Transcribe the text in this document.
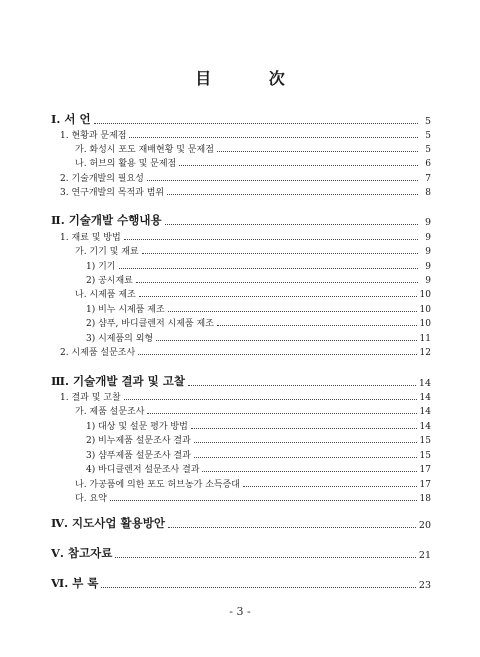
目 次
Ⅰ. 서 언	5
1. 현황과 문제점	5
가. 화성시 포도 재배현황 및 문제점	5
나. 허브의 활용 및 문제점	6
2. 기술개발의 필요성	7
3. 연구개발의 목적과 범위	8
Ⅱ. 기술개발 수행내용	9
1. 재료 및 방법	9
가. 기기 및 재료	9
1) 기기	9
2) 공시재료	9
나. 시제품 제조	10
1) 비누 시제품 제조	10
2) 샴푸, 바디클렌저 시제품 제조	10
3) 시제품의 외형	11
2. 시제품 설문조사	12
Ⅲ. 기술개발 결과 및 고찰	14
1. 결과 및 고찰	14
가. 제품 설문조사	14
1) 대상 및 설문 평가 방법	14
2) 비누제품 설문조사 결과	15
3) 샴푸제품 설문조사 결과	15
4) 바디클렌저 설문조사 결과	17
나. 가공품에 의한 포도 허브농가 소득증대	17
다. 요약	18
Ⅳ. 지도사업 활용방안	20
Ⅴ. 참고자료	21
Ⅵ. 부 록	23
- 3 -
